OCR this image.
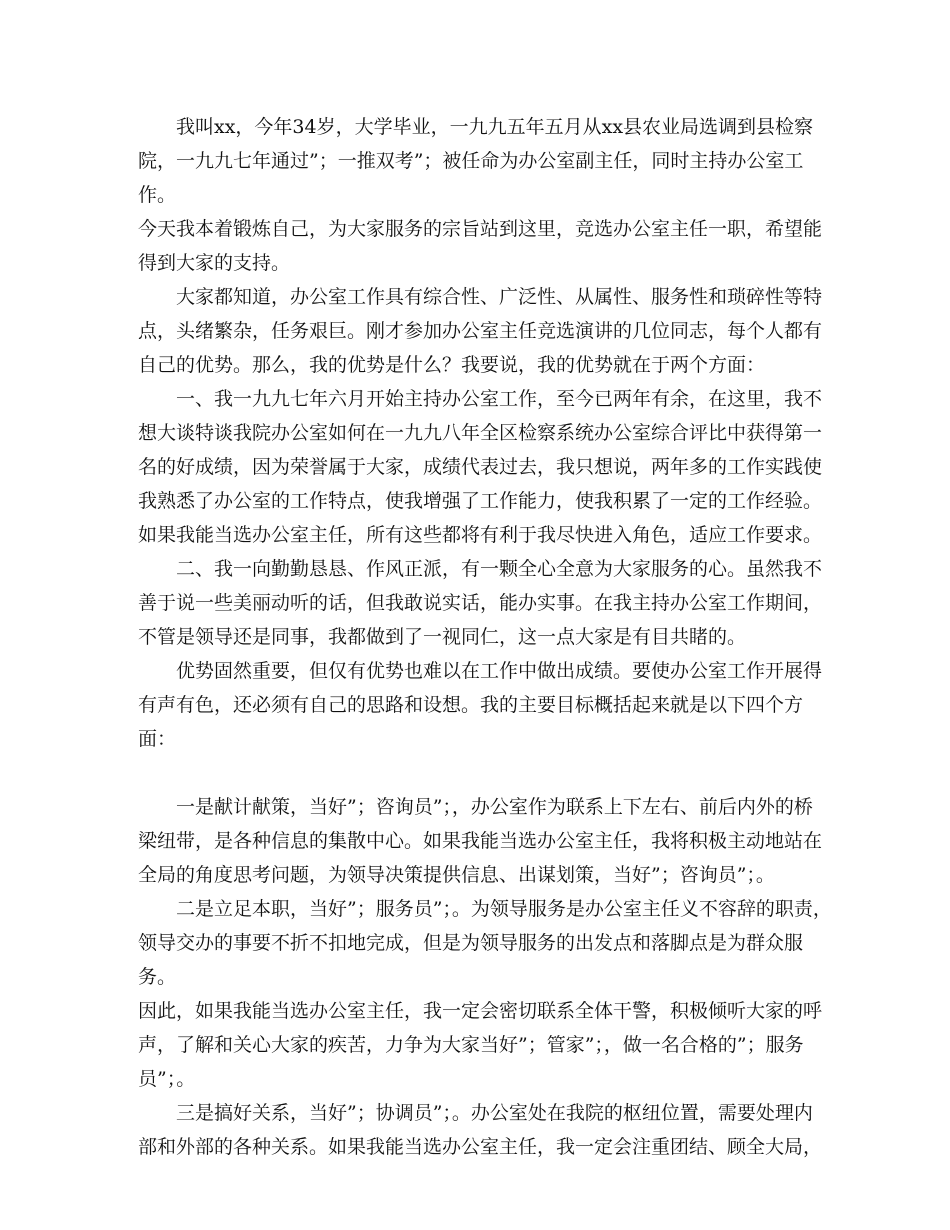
　　我叫xx，今年34岁，大学毕业，一九九五年五月从xx县农业局选调到县检察
院，一九九七年通过”；一推双考”；被任命为办公室副主任，同时主持办公室工作。
今天我本着锻炼自己，为大家服务的宗旨站到这里，竞选办公室主任一职，希望能
得到大家的支持。

　　大家都知道，办公室工作具有综合性、广泛性、从属性、服务性和琐碎性等特
点，头绪繁杂，任务艰巨。刚才参加办公室主任竞选演讲的几位同志，每个人都有
自己的优势。那么，我的优势是什么？我要说，我的优势就在于两个方面：

　　一、我一九九七年六月开始主持办公室工作，至今已两年有余，在这里，我不
想大谈特谈我院办公室如何在一九九八年全区检察系统办公室综合评比中获得第一
名的好成绩，因为荣誉属于大家，成绩代表过去，我只想说，两年多的工作实践使
我熟悉了办公室的工作特点，使我增强了工作能力，使我积累了一定的工作经验。
如果我能当选办公室主任，所有这些都将有利于我尽快进入角色，适应工作要求。

　　二、我一向勤勤恳恳、作风正派，有一颗全心全意为大家服务的心。虽然我不
善于说一些美丽动听的话，但我敢说实话，能办实事。在我主持办公室工作期间，
不管是领导还是同事，我都做到了一视同仁，这一点大家是有目共睹的。

　　优势固然重要，但仅有优势也难以在工作中做出成绩。要使办公室工作开展得
有声有色，还必须有自己的思路和设想。我的主要目标概括起来就是以下四个方面：

　　一是献计献策，当好”；咨询员”；，办公室作为联系上下左右、前后内外的桥
梁纽带，是各种信息的集散中心。如果我能当选办公室主任，我将积极主动地站在
全局的角度思考问题，为领导决策提供信息、出谋划策，当好”；咨询员”；。

　　二是立足本职，当好”；服务员”；。为领导服务是办公室主任义不容辞的职责，
领导交办的事要不折不扣地完成，但是为领导服务的出发点和落脚点是为群众服务。
因此，如果我能当选办公室主任，我一定会密切联系全体干警，积极倾听大家的呼
声，了解和关心大家的疾苦，力争为大家当好”；管家”；，做一名合格的”；服务
员”；。

　　三是搞好关系，当好”；协调员”；。办公室处在我院的枢纽位置，需要处理内
部和外部的各种关系。如果我能当选办公室主任，我一定会注重团结、顾全大局，
